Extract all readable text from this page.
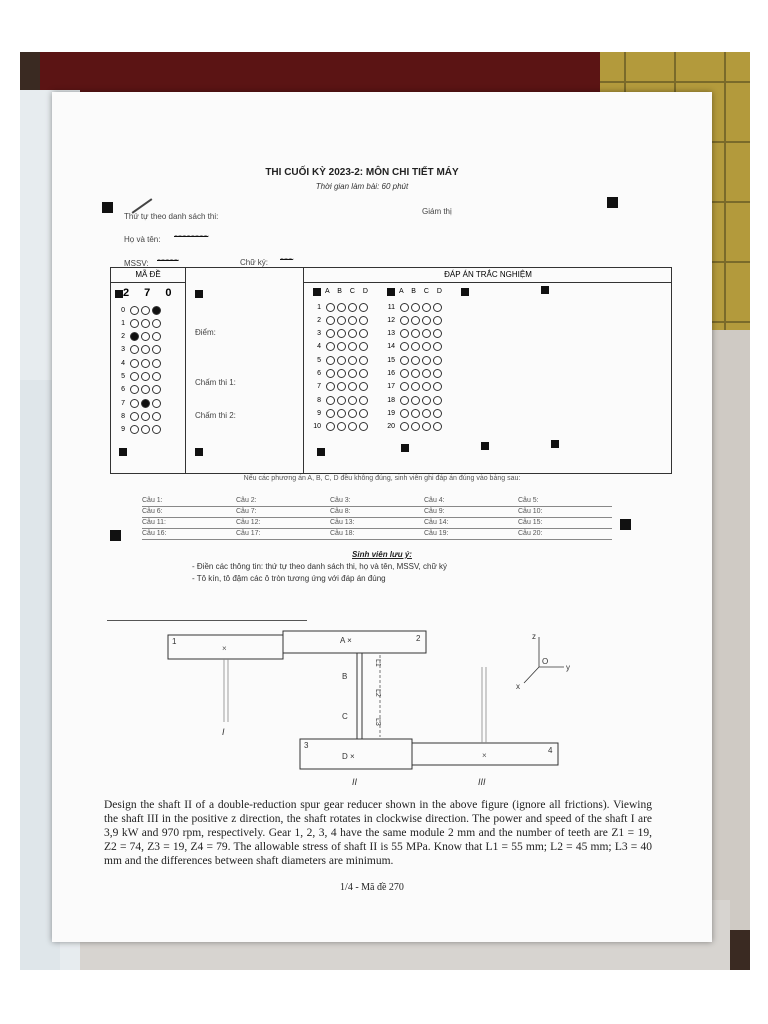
THI CUỐI KỲ 2023-2: MÔN CHI TIẾT MÁY
Thời gian làm bài: 60 phút
Thứ tự theo danh sách thi:
Giám thị
Họ và tên: ~~~~~~~~
MSSV: ~~~~~	Chữ ký: ~~~
MÃ ĐỀ	ĐÁP ÁN TRẮC NGHIỆM
2 7 0
0
1
2
3
4
5
6
7
8
9
Điểm:
Chấm thi 1:
Chấm thi 2:
A B C D	A B C D
1
2
3
4
5
6
7
8
9
10
11
12
13
14
15
16
17
18
19
20
Nếu các phương án A, B, C, D đều không đúng, sinh viên ghi đáp án đúng vào bảng sau:
Câu 1:	Câu 2:	Câu 3:	Câu 4:	Câu 5:
Câu 6:	Câu 7:	Câu 8:	Câu 9:	Câu 10:
Câu 11:	Câu 12:	Câu 13:	Câu 14:	Câu 15:
Câu 16:	Câu 17:	Câu 18:	Câu 19:	Câu 20:
Sinh viên lưu ý:
- Điền các thông tin: thứ tự theo danh sách thi, họ và tên, MSSV, chữ ký
- Tô kín, tô đậm các ô tròn tương ứng với đáp án đúng
1
×
2
A ×
B
C
L1
L2
L3
I
3
D ×
4
×
II	III
z
y
x
O
Design the shaft II of a double-reduction spur gear reducer shown in the above figure (ignore all frictions). Viewing the shaft III in the positive z direction, the shaft rotates in clockwise direction. The power and speed of the shaft I are 3,9 kW and 970 rpm, respectively. Gear 1, 2, 3, 4 have the same module 2 mm and the number of teeth are Z1 = 19, Z2 = 74, Z3 = 19, Z4 = 79. The allowable stress of shaft II is 55 MPa. Know that L1 = 55 mm; L2 = 45 mm; L3 = 40 mm and the differences between shaft diameters are minimum.
1/4 - Mã đề 270
